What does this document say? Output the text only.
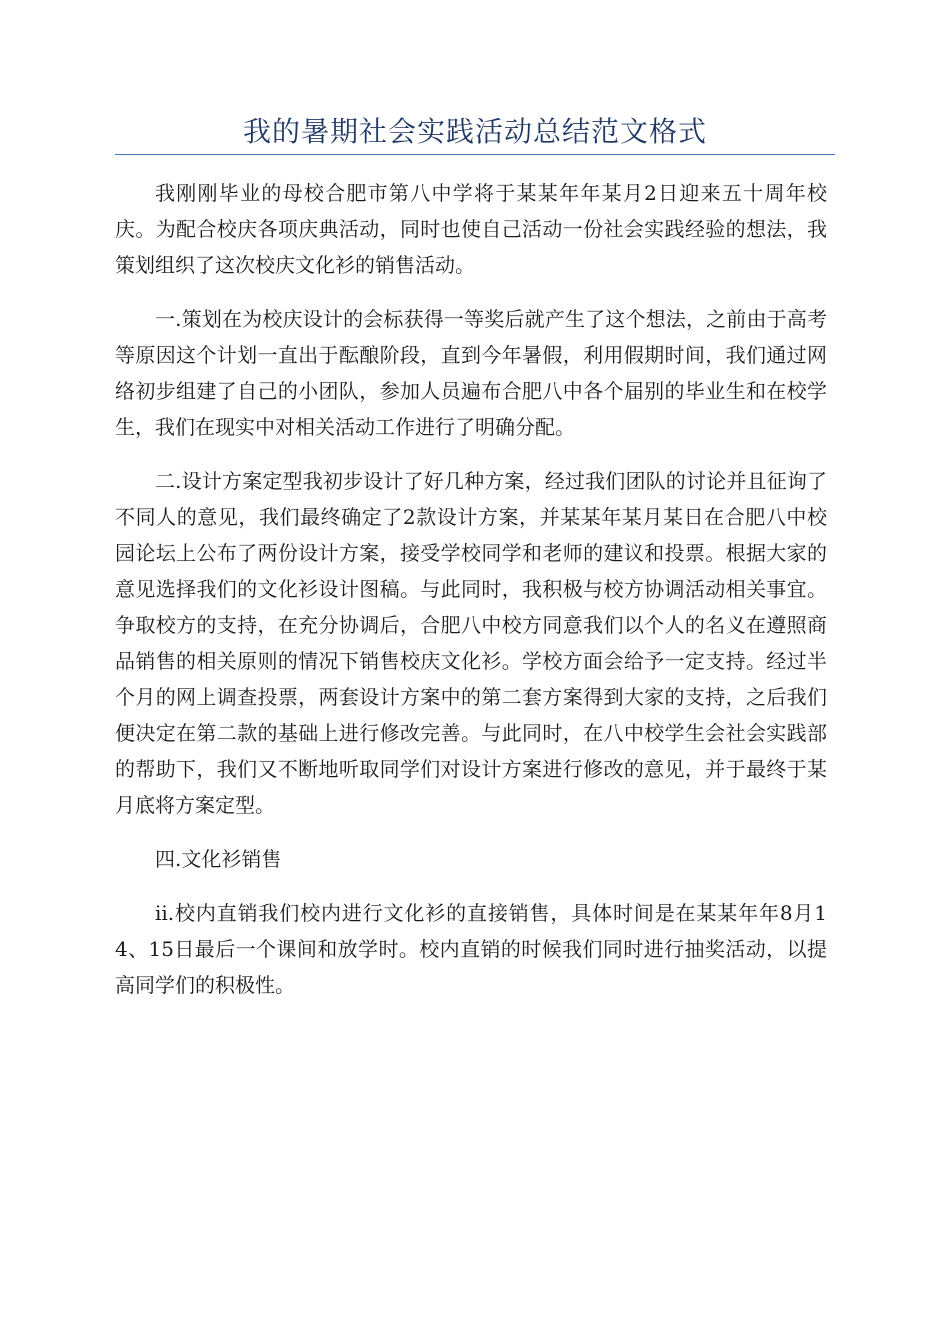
我的暑期社会实践活动总结范文格式

我刚刚毕业的母校合肥市第八中学将于某某年年某月2日迎来五十周年校庆。为配合校庆各项庆典活动，同时也使自己活动一份社会实践经验的想法，我策划组织了这次校庆文化衫的销售活动。

一.策划在为校庆设计的会标获得一等奖后就产生了这个想法，之前由于高考等原因这个计划一直出于酝酿阶段，直到今年暑假，利用假期时间，我们通过网络初步组建了自己的小团队，参加人员遍布合肥八中各个届别的毕业生和在校学生，我们在现实中对相关活动工作进行了明确分配。

二.设计方案定型我初步设计了好几种方案，经过我们团队的讨论并且征询了不同人的意见，我们最终确定了2款设计方案，并某某年某月某日在合肥八中校园论坛上公布了两份设计方案，接受学校同学和老师的建议和投票。根据大家的意见选择我们的文化衫设计图稿。与此同时，我积极与校方协调活动相关事宜。争取校方的支持，在充分协调后，合肥八中校方同意我们以个人的名义在遵照商品销售的相关原则的情况下销售校庆文化衫。学校方面会给予一定支持。经过半个月的网上调查投票，两套设计方案中的第二套方案得到大家的支持，之后我们便决定在第二款的基础上进行修改完善。与此同时，在八中校学生会社会实践部的帮助下，我们又不断地听取同学们对设计方案进行修改的意见，并于最终于某月底将方案定型。

四.文化衫销售

ii.校内直销我们校内进行文化衫的直接销售，具体时间是在某某年年8月14、15日最后一个课间和放学时。校内直销的时候我们同时进行抽奖活动，以提高同学们的积极性。
